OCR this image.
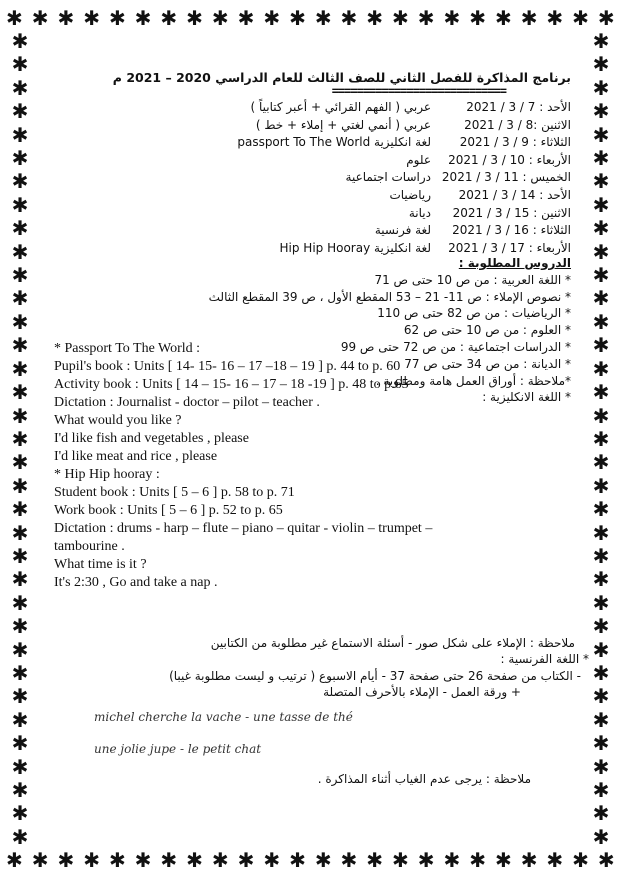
✱ ✱ ✱ ✱ ✱ ✱ ✱ ✱ ✱ ✱ ✱ ✱ ✱ ✱ ✱ ✱ ✱ ✱ ✱ ✱ ✱ ✱ ✱ ✱
✱ ✱ ✱ ✱ ✱ ✱ ✱ ✱ ✱ ✱ ✱ ✱ ✱ ✱ ✱ ✱ ✱ ✱ ✱ ✱ ✱ ✱ ✱ ✱
✱
✱
✱
✱
✱
✱
✱
✱
✱
✱
✱
✱
✱
✱
✱
✱
✱
✱
✱
✱
✱
✱
✱
✱
✱
✱
✱
✱
✱
✱
✱
✱
✱
✱
✱
✱
✱
✱
✱
✱
✱
✱
✱
✱
✱
✱
✱
✱
✱
✱
✱
✱
✱
✱
✱
✱
✱
✱
✱
✱
✱
✱
✱
✱
✱
✱
✱
✱
✱
✱
برنامج المذاكرة للفصل الثاني للصف الثالث للعام الدراسي 2020 – 2021 م
============================
الأحد : 7 / 3 / 2021
عربي ( الفهم القرائي + أعبر كتابياً )
الاثنين :8 / 3 / 2021
عربي ( أنمي لغتي + إملاء + خط )
الثلاثاء : 9 / 3 / 2021
لغة انكليزية passport To The World
الأربعاء : 10 / 3 / 2021
علوم
الخميس : 11 / 3 / 2021
دراسات اجتماعية
الأحد : 14 / 3 / 2021
رياضيات
الاثنين : 15 / 3 / 2021
ديانة
الثلاثاء : 16 / 3 / 2021
لغة فرنسية
الأربعاء : 17 / 3 / 2021
لغة انكليزية Hip Hip Hooray
الدروس المطلوبة :
* اللغة العربية : من ص 10 حتى ص 71
* نصوص الإملاء : ص 11- 21 – 53 المقطع الأول ، ص 39 المقطع الثالث
* الرياضيات : من ص 82 حتى ص 110
* العلوم : من ص 10 حتى ص 62
* الدراسات اجتماعية : من ص 72 حتى ص 99
* الديانة : من ص 34 حتى ص 77
*ملاحظة : أوراق العمل هامة ومطلوبة .
* اللغة الانكليزية :
* Passport To The World :
Pupil's book : Units [ 14- 15- 16 – 17 –18 – 19 ] p. 44 to p. 60
Activity book : Units [ 14 – 15- 16 – 17 – 18 -19 ] p. 48 to p.65
Dictation : Journalist - doctor – pilot – teacher .
What would you like ?
I'd like fish and vegetables , please
I'd like meat and rice , please
* Hip Hip hooray :
Student book : Units [ 5 – 6 ] p. 58 to p. 71
Work book : Units [ 5 – 6 ] p. 52 to p. 65
Dictation : drums - harp – flute – piano – quitar - violin – trumpet –
tambourine .
What time is it ?
It's 2:30 , Go and take a nap .
ملاحظة : الإملاء على شكل صور - أسئلة الاستماع غير مطلوبة من الكتابين
* اللغة الفرنسية :
- الكتاب من صفحة 26 حتى صفحة 37 - أيام الاسبوع ( ترتيب و ليست مطلوبة غيبا)
+ ورقة العمل - الإملاء بالأحرف المتصلة
michel cherche la vache - une tasse de thé
une jolie jupe - le petit chat
ملاحظة : يرجى عدم الغياب أثناء المذاكرة .
